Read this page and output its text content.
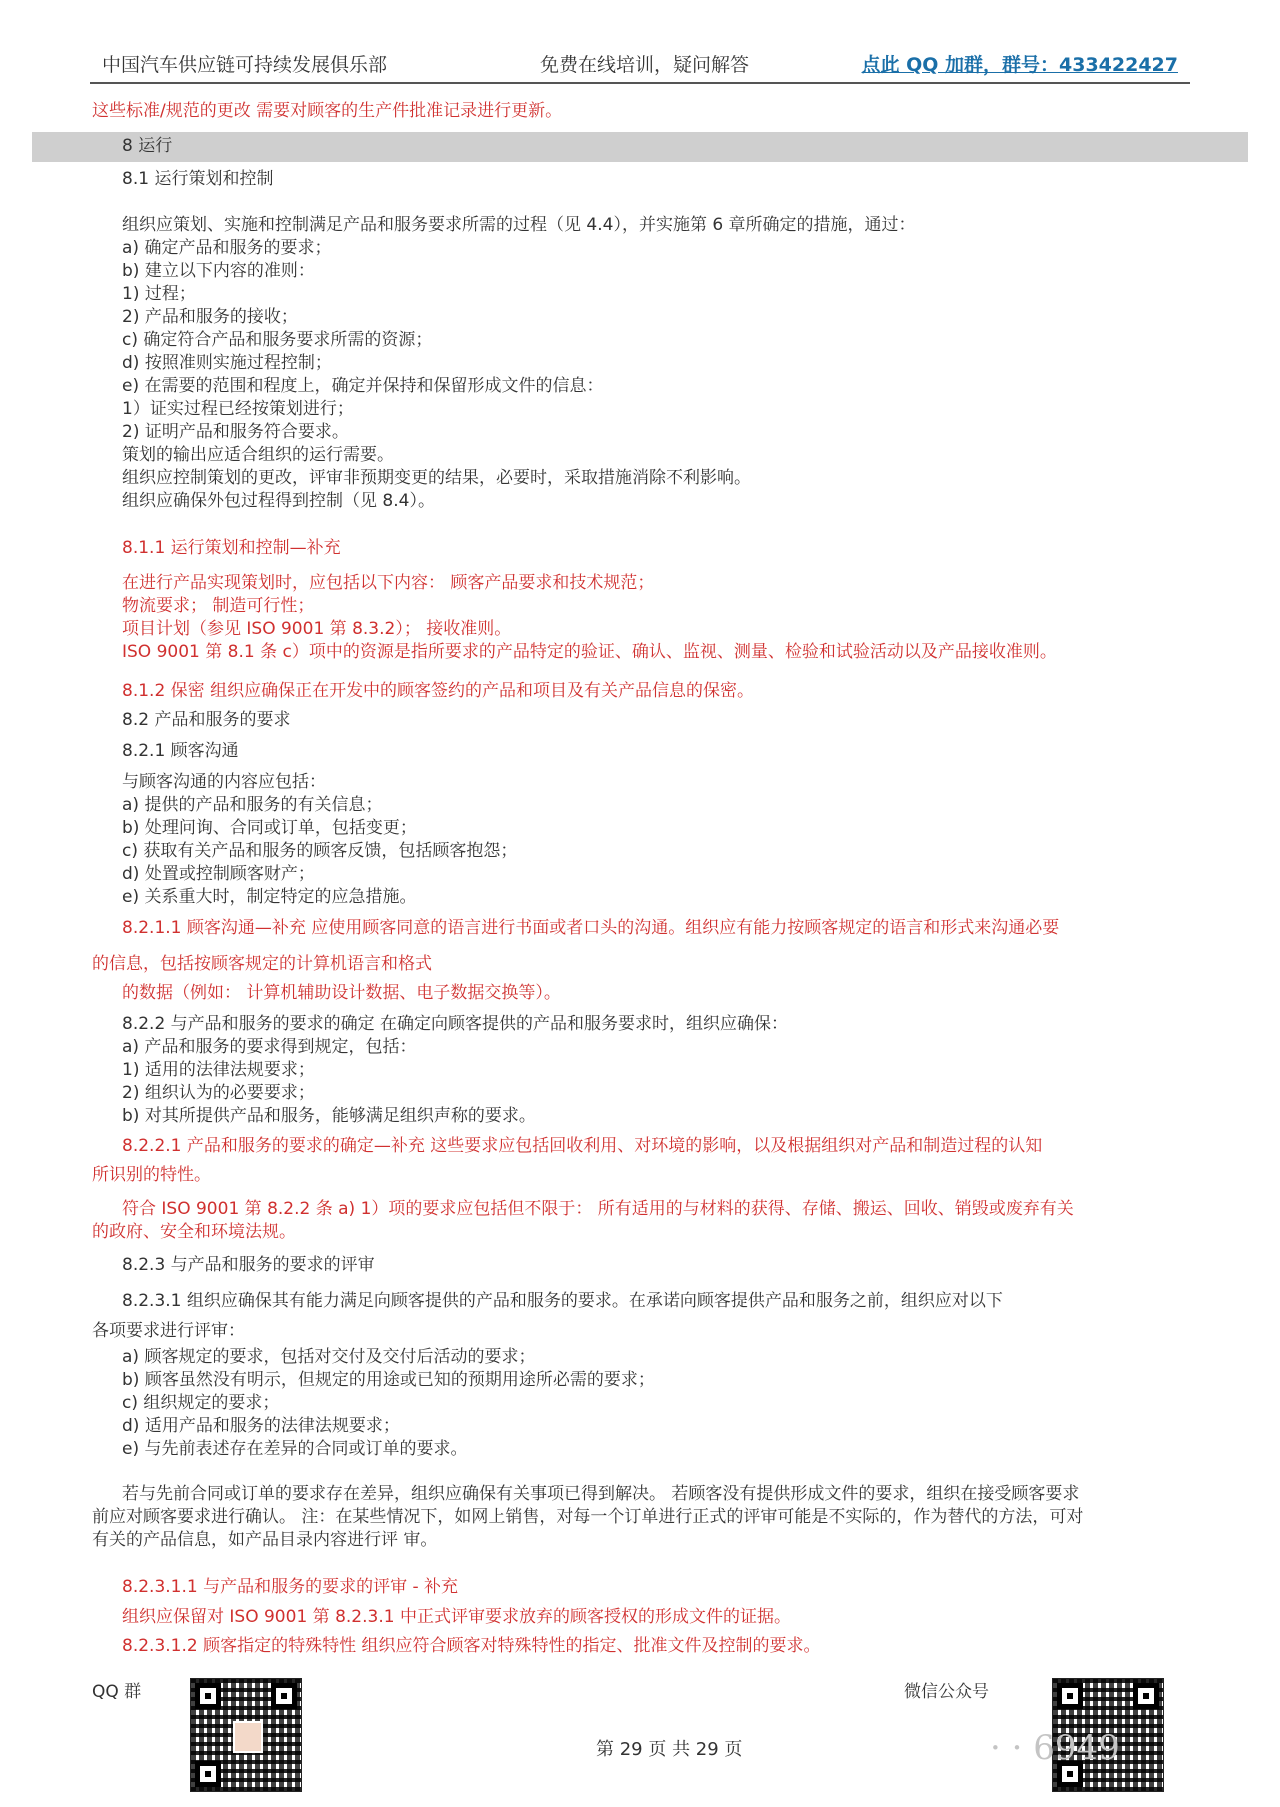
中国汽车供应链可持续发展俱乐部	免费在线培训，疑问解答	点此 QQ 加群，群号：433422427
这些标准/规范的更改 需要对顾客的生产件批准记录进行更新。
8 运行
8.1 运行策划和控制
组织应策划、实施和控制满足产品和服务要求所需的过程（见 4.4），并实施第 6 章所确定的措施，通过：
a) 确定产品和服务的要求；
b) 建立以下内容的准则：
1) 过程；
2) 产品和服务的接收；
c) 确定符合产品和服务要求所需的资源；
d) 按照准则实施过程控制；
e) 在需要的范围和程度上，确定并保持和保留形成文件的信息：
1）证实过程已经按策划进行；
2) 证明产品和服务符合要求。
策划的输出应适合组织的运行需要。
组织应控制策划的更改，评审非预期变更的结果，必要时，采取措施消除不利影响。
组织应确保外包过程得到控制（见 8.4）。
8.1.1 运行策划和控制—补充
在进行产品实现策划时，应包括以下内容： 顾客产品要求和技术规范；
物流要求； 制造可行性；
项目计划（参见 ISO 9001 第 8.3.2）； 接收准则。
ISO 9001 第 8.1 条 c）项中的资源是指所要求的产品特定的验证、确认、监视、测量、检验和试验活动以及产品接收准则。
8.1.2 保密 组织应确保正在开发中的顾客签约的产品和项目及有关产品信息的保密。
8.2 产品和服务的要求
8.2.1 顾客沟通
与顾客沟通的内容应包括：
a) 提供的产品和服务的有关信息；
b) 处理问询、合同或订单，包括变更；
c) 获取有关产品和服务的顾客反馈，包括顾客抱怨；
d) 处置或控制顾客财产；
e) 关系重大时，制定特定的应急措施。
8.2.1.1 顾客沟通—补充 应使用顾客同意的语言进行书面或者口头的沟通。组织应有能力按顾客规定的语言和形式来沟通必要
的信息，包括按顾客规定的计算机语言和格式
的数据（例如： 计算机辅助设计数据、电子数据交换等）。
8.2.2 与产品和服务的要求的确定 在确定向顾客提供的产品和服务要求时，组织应确保：
a) 产品和服务的要求得到规定，包括：
1) 适用的法律法规要求；
2) 组织认为的必要要求；
b) 对其所提供产品和服务，能够满足组织声称的要求。
8.2.2.1 产品和服务的要求的确定—补充 这些要求应包括回收利用、对环境的影响，以及根据组织对产品和制造过程的认知
所识别的特性。
符合 ISO 9001 第 8.2.2 条 a) 1）项的要求应包括但不限于： 所有适用的与材料的获得、存储、搬运、回收、销毁或废弃有关
的政府、安全和环境法规。
8.2.3 与产品和服务的要求的评审
8.2.3.1 组织应确保其有能力满足向顾客提供的产品和服务的要求。在承诺向顾客提供产品和服务之前，组织应对以下
各项要求进行评审：
a) 顾客规定的要求，包括对交付及交付后活动的要求；
b) 顾客虽然没有明示，但规定的用途或已知的预期用途所必需的要求；
c) 组织规定的要求；
d) 适用产品和服务的法律法规要求；
e) 与先前表述存在差异的合同或订单的要求。
若与先前合同或订单的要求存在差异，组织应确保有关事项已得到解决。 若顾客没有提供形成文件的要求，组织在接受顾客要求
前应对顾客要求进行确认。 注：在某些情况下，如网上销售，对每一个订单进行正式的评审可能是不实际的，作为替代的方法，可对
有关的产品信息，如产品目录内容进行评 审。
8.2.3.1.1 与产品和服务的要求的评审 - 补充
组织应保留对 ISO 9001 第 8.2.3.1 中正式评审要求放弃的顾客授权的形成文件的证据。
8.2.3.1.2 顾客指定的特殊特性 组织应符合顾客对特殊特性的指定、批准文件及控制的要求。
QQ 群	微信公众号
· · 6949
第 29 页 共 29 页
